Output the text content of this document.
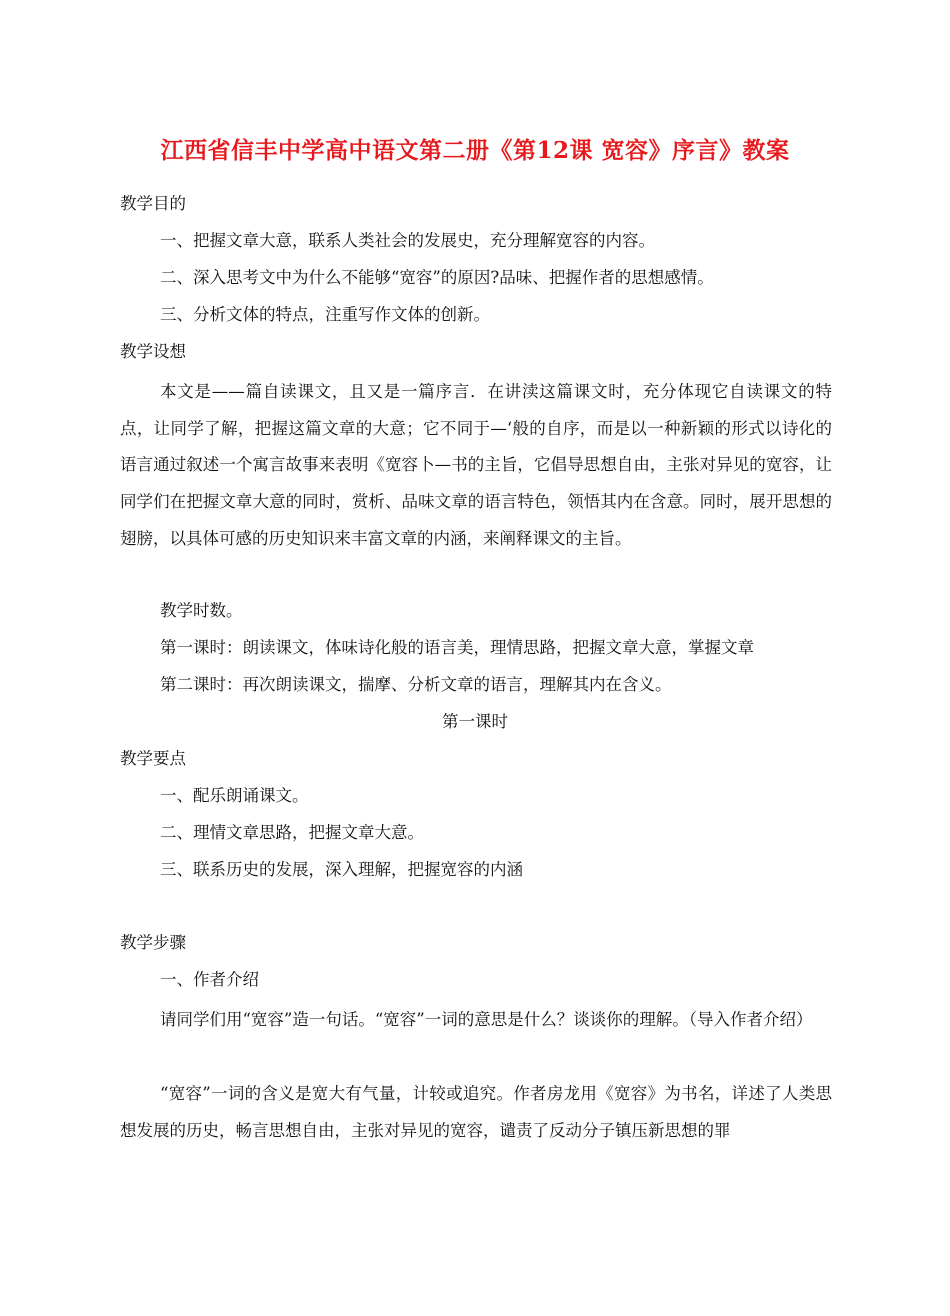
江西省信丰中学高中语文第二册《第12课 宽容》序言》教案
教学目的
一、把握文章大意，联系人类社会的发展史，充分理解宽容的内容。
二、深入思考文中为什么不能够“宽容”的原因?品味、把握作者的思想感情。
三、分析文体的特点，注重写作文体的创新。
教学设想

本文是——篇自读课文，且又是一篇序言．在讲渎这篇课文时，充分体现它自读课文的特点，让同学了解，把握这篇文章的大意；它不同于—‘般的自序，而是以一种新颖的形式以诗化的语言通过叙述一个寓言故事来表明《宽容卜—书的主旨，它倡导思想自由，主张对异见的宽容，让同学们在把握文章大意的同时，赏析、品味文章的语言特色，领悟其内在含意。同时，展开思想的翅膀，以具体可感的历史知识来丰富文章的内涵，来阐释课文的主旨。

教学时数。
第一课时：朗读课文，体味诗化般的语言美，理情思路，把握文章大意，掌握文章
第二课时：再次朗读课文，揣摩、分析文章的语言，理解其内在含义。
第一课时
教学要点
一、配乐朗诵课文。
二、理情文章思路，把握文章大意。
三、联系历史的发展，深入理解，把握宽容的内涵
教学步骤
一、作者介绍

请同学们用“宽容”造一句话。“宽容”一词的意思是什么？谈谈你的理解。（导入作者介绍）

“宽容”一词的含义是宽大有气量，计较或追究。作者房龙用《宽容》为书名，详述了人类思想发展的历史，畅言思想自由，主张对异见的宽容，谴责了反动分子镇压新思想的罪
